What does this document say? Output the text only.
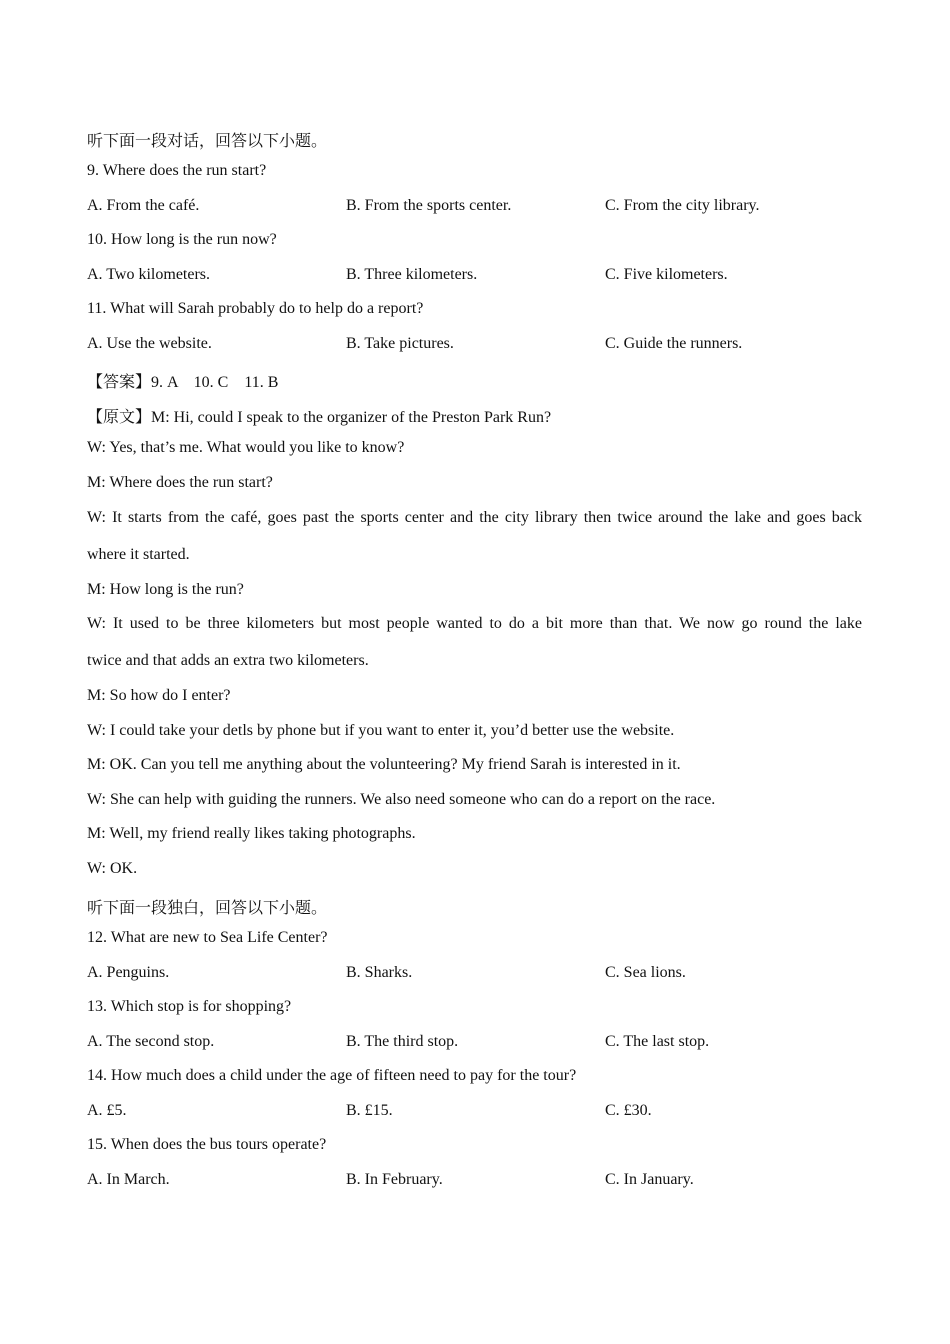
听下面一段对话，回答以下小题。
9. Where does the run start?
A. From the café.	B. From the sports center.	C. From the city library.
10. How long is the run now?
A. Two kilometers.	B. Three kilometers.	C. Five kilometers.
11. What will Sarah probably do to help do a report?
A. Use the website.	B. Take pictures.	C. Guide the runners.
【答案】9. A　10. C　11. B
【原文】M: Hi, could I speak to the organizer of the Preston Park Run?
W: Yes, that’s me. What would you like to know?
M: Where does the run start?
W: It starts from the café, goes past the sports center and the city library then twice around the lake and goes back
where it started.
M: How long is the run?
W: It used to be three kilometers but most people wanted to do a bit more than that. We now go round the lake
twice and that adds an extra two kilometers.
M: So how do I enter?
W: I could take your detls by phone but if you want to enter it, you’d better use the website.
M: OK. Can you tell me anything about the volunteering? My friend Sarah is interested in it.
W: She can help with guiding the runners. We also need someone who can do a report on the race.
M: Well, my friend really likes taking photographs.
W: OK.
听下面一段独白，回答以下小题。
12. What are new to Sea Life Center?
A. Penguins.	B. Sharks.	C. Sea lions.
13. Which stop is for shopping?
A. The second stop.	B. The third stop.	C. The last stop.
14. How much does a child under the age of fifteen need to pay for the tour?
A. £5.	B. £15.	C. £30.
15. When does the bus tours operate?
A. In March.	B. In February.	C. In January.
